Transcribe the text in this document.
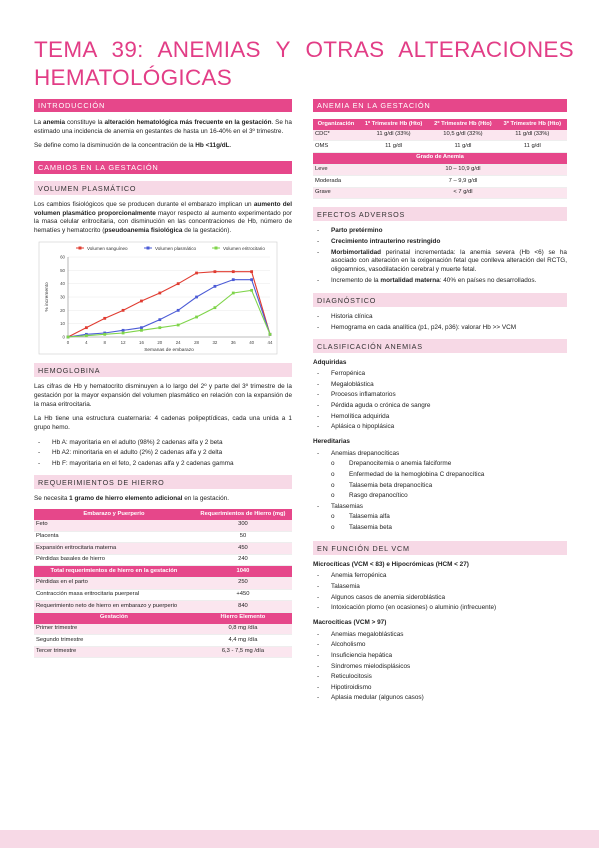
TEMA 39: ANEMIAS Y OTRAS ALTERACIONES HEMATOLÓGICAS
INTRODUCCIÓN

La anemia constituye la alteración hematológica más frecuente en la gestación. Se ha estimado una incidencia de anemia en gestantes de hasta un 16-40% en el 3º trimestre.

Se define como la disminución de la concentración de la Hb <11g/dL.

CAMBIOS EN LA GESTACIÓN
VOLUMEN PLASMÁTICO

Los cambios fisiológicos que se producen durante el embarazo implican un aumento del volumen plasmático proporcionalmente mayor respecto al aumento experimentado por la masa celular eritrocitaria, con disminución en las concentraciones de Hb, número de hematíes y hematocrito (pseudoanemia fisiológica de la gestación).

Volumen sanguíneo	Volumen plasmático	Volumen eritrocitario
0
10
20
30
40
50
60
0	4	8	12	16	20	24	28	32	36	40	44
Semanas de embarazo
% incremento
HEMOGLOBINA

Las cifras de Hb y hematocrito disminuyen a lo largo del 2º y parte del 3º trimestre de la gestación por la mayor expansión del volumen plasmático en relación con la expansión de la masa eritrocitaria.

La Hb tiene una estructura cuaternaria: 4 cadenas polipeptídicas, cada una unida a 1 grupo hemo.

- Hb A: mayoritaria en el adulto (98%) 2 cadenas alfa y 2 beta
- Hb A2: minoritaria en el adulto (2%) 2 cadenas alfa y 2 delta
- Hb F: mayoritaria en el feto, 2 cadenas alfa y 2 cadenas gamma
REQUERIMIENTOS DE HIERRO

Se necesita 1 gramo de hierro elemento adicional en la gestación.

Embarazo y Puerperio	Requerimientos de Hierro (mg)
Feto	300
Placenta	50
Expansión eritrocitaria materna	450
Pérdidas basales de hierro	240
Total requerimientos de hierro en la gestación	1040
Pérdidas en el parto	250
Contracción masa eritrocitaria puerperal	+450
Requerimiento neto de hierro en embarazo y puerperio	840
Gestación	Hierro Elemento
Primer trimestre	0,8 mg /día
Segundo trimestre	4,4 mg /día
Tercer trimestre	6,3 - 7,5 mg /día
ANEMIA EN LA GESTACIÓN
Organización	1º Trimestre Hb (Hto)	2º Trimestre Hb (Hto)	3º Trimestre Hb (Hto)
CDC*	11 g/dl (33%)	10,5 g/dl (32%)	11 g/dl (33%)
OMS	11 g/dl	11 g/dl	11 g/dl
Grado de Anemia			
Leve	10 – 10,9 g/dl		
Moderada	7 – 9,9 g/dl		
Grave	< 7 g/dl		
EFECTOS ADVERSOS
- Parto pretérmino
- Crecimiento intrauterino restringido
- Morbimortalidad perinatal incrementada: la anemia severa (Hb <6) se ha asociado con alteración en la oxigenación fetal que conlleva alteración del RCTG, oligoamnios, vasodilatación cerebral y muerte fetal.
- Incremento de la mortalidad materna: 40% en países no desarrollados.
DIAGNÓSTICO
- Historia clínica
- Hemograma en cada analítica (p1, p24, p36): valorar Hb >> VCM
CLASIFICACIÓN ANEMIAS
Adquiridas
- Ferropénica
- Megaloblástica
- Procesos inflamatorios
- Pérdida aguda o crónica de sangre
- Hemolítica adquirida
- Aplásica o hipoplásica
Hereditarias
- Anemias drepanocíticas
o Drepanocitemia o anemia falciforme
o Enfermedad de la hemoglobina C drepanocítica
o Talasemia beta drepanocítica
o Rasgo drepanocítico
- Talasemias
o Talasemia alfa
o Talasemia beta
EN FUNCIÓN DEL VCM
Microcíticas (VCM < 83) e Hipocrómicas (HCM < 27)
- Anemia ferropénica
- Talasemia
- Algunos casos de anemia sideroblástica
- Intoxicación plomo (en ocasiones) o aluminio (infrecuente)
Macrocíticas (VCM > 97)
- Anemias megaloblásticas
- Alcoholismo
- Insuficiencia hepática
- Síndromes mielodisplásicos
- Reticulocitosis
- Hipotiroidismo
- Aplasia medular (algunos casos)
